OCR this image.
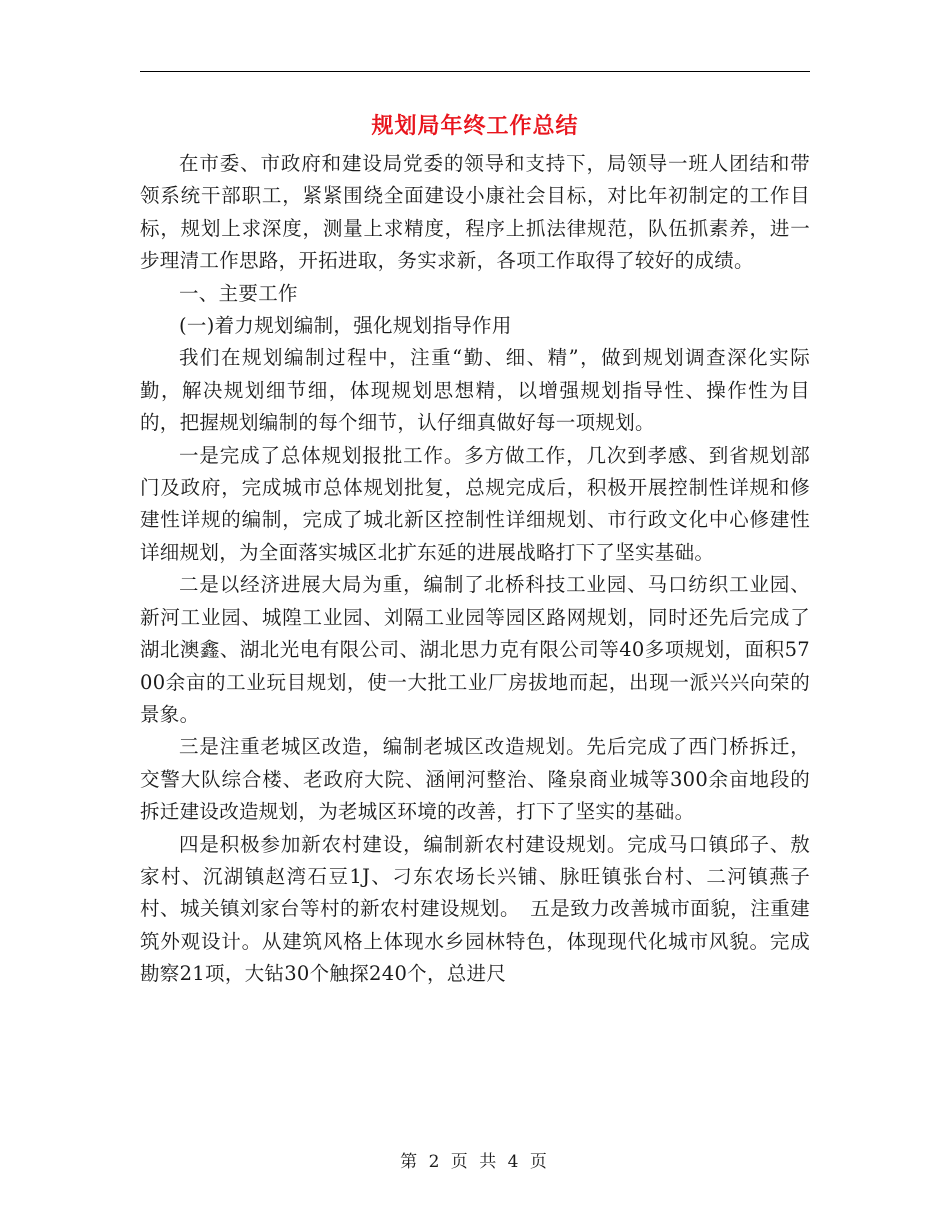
规划局年终工作总结

在市委、市政府和建设局党委的领导和支持下，局领导一班人团结和带领系统干部职工，紧紧围绕全面建设小康社会目标，对比年初制定的工作目标，规划上求深度，测量上求精度，程序上抓法律规范，队伍抓素养，进一步理清工作思路，开拓进取，务实求新，各项工作取得了较好的成绩。

一、主要工作

(一)着力规划编制，强化规划指导作用

我们在规划编制过程中，注重“勤、细、精”，做到规划调查深化实际勤，解决规划细节细，体现规划思想精，以增强规划指导性、操作性为目的，把握规划编制的每个细节，认仔细真做好每一项规划。

一是完成了总体规划报批工作。多方做工作，几次到孝感、到省规划部门及政府，完成城市总体规划批复，总规完成后，积极开展控制性详规和修建性详规的编制，完成了城北新区控制性详细规划、市行政文化中心修建性详细规划，为全面落实城区北扩东延的进展战略打下了坚实基础。

二是以经济进展大局为重，编制了北桥科技工业园、马口纺织工业园、新河工业园、城隍工业园、刘隔工业园等园区路网规划，同时还先后完成了湖北澳鑫、湖北光电有限公司、湖北思力克有限公司等40多项规划，面积5700余亩的工业玩目规划，使一大批工业厂房拔地而起，出现一派兴兴向荣的景象。

三是注重老城区改造，编制老城区改造规划。先后完成了西门桥拆迁，交警大队综合楼、老政府大院、涵闸河整治、隆泉商业城等300余亩地段的拆迁建设改造规划，为老城区环境的改善，打下了坚实的基础。

四是积极参加新农村建设，编制新农村建设规划。完成马口镇邱子、敖家村、沉湖镇赵湾石豆1J、刁东农场长兴铺、脉旺镇张台村、二河镇燕子村、城关镇刘家台等村的新农村建设规划。　五是致力改善城市面貌，注重建筑外观设计。从建筑风格上体现水乡园林特色，体现现代化城市风貌。完成勘察21项，大钻30个触探240个，总进尺

第 2 页 共 4 页
